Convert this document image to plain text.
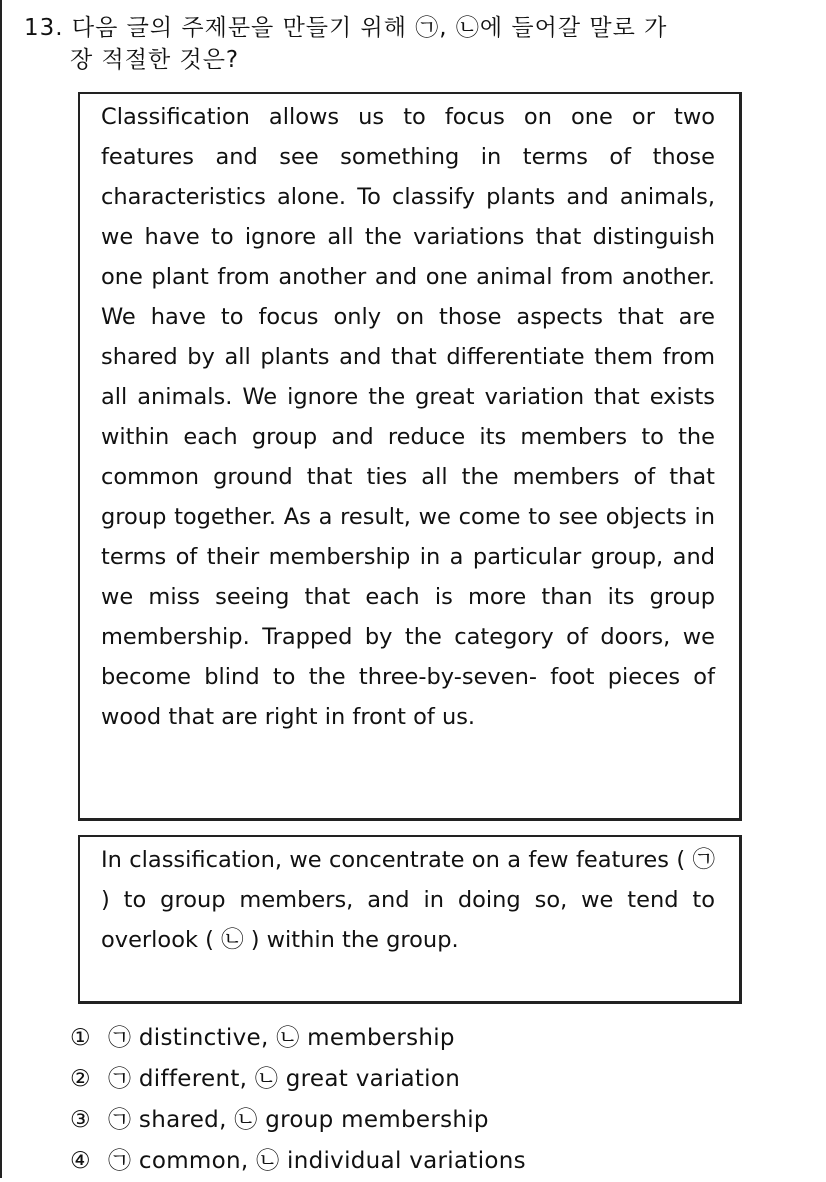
13. 다음 글의 주제문을 만들기 위해 ㉠, ㉡에 들어갈 말로 가
장 적절한 것은?

Classification allows us to focus on one or two features and see something in terms of those characteristics alone. To classify plants and animals, we have to ignore all the variations that distinguish one plant from another and one animal from another. We have to focus only on those aspects that are shared by all plants and that differentiate them from all animals. We ignore the great variation that exists within each group and reduce its members to the common ground that ties all the members of that group together. As a result, we come to see objects in terms of their membership in a particular group, and we miss seeing that each is more than its group membership. Trapped by the category of doors, we become blind to the three-by-seven- foot pieces of wood that are right in front of us.

In classification, we concentrate on a few features ( ㉠ ) to group members, and in doing so, we tend to overlook ( ㉡ ) within the group.

① ㉠ distinctive, ㉡ membership
② ㉠ different, ㉡ great variation
③ ㉠ shared, ㉡ group membership
④ ㉠ common, ㉡ individual variations
